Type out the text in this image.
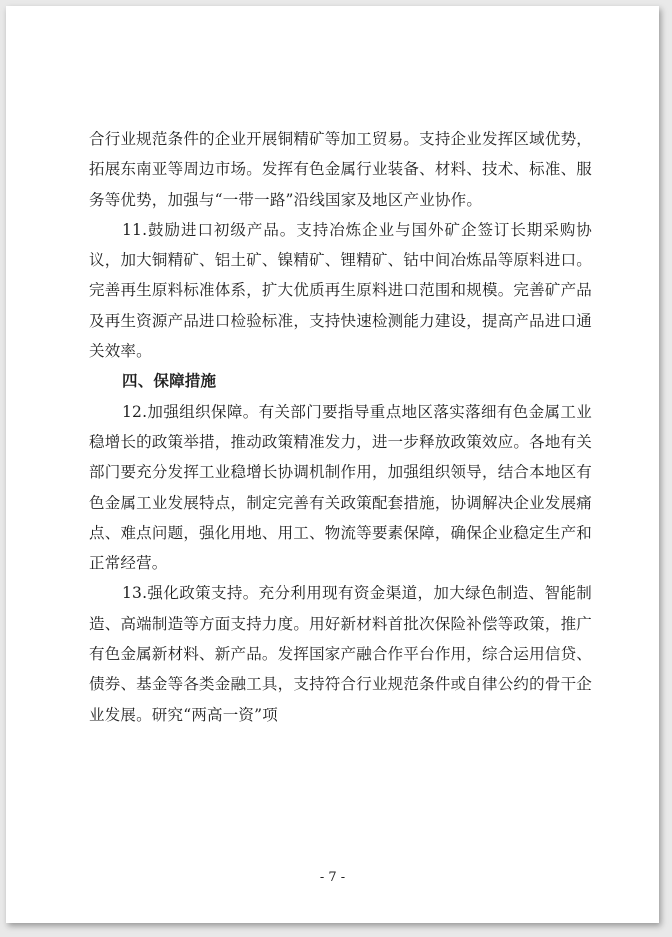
合行业规范条件的企业开展铜精矿等加工贸易。支持企业发挥区域优势，拓展东南亚等周边市场。发挥有色金属行业装备、材料、技术、标准、服务等优势，加强与“一带一路”沿线国家及地区产业协作。

11.鼓励进口初级产品。支持冶炼企业与国外矿企签订长期采购协议，加大铜精矿、铝土矿、镍精矿、锂精矿、钴中间冶炼品等原料进口。完善再生原料标准体系，扩大优质再生原料进口范围和规模。完善矿产品及再生资源产品进口检验标准，支持快速检测能力建设，提高产品进口通关效率。

四、保障措施

12.加强组织保障。有关部门要指导重点地区落实落细有色金属工业稳增长的政策举措，推动政策精准发力，进一步释放政策效应。各地有关部门要充分发挥工业稳增长协调机制作用，加强组织领导，结合本地区有色金属工业发展特点，制定完善有关政策配套措施，协调解决企业发展痛点、难点问题，强化用地、用工、物流等要素保障，确保企业稳定生产和正常经营。

13.强化政策支持。充分利用现有资金渠道，加大绿色制造、智能制造、高端制造等方面支持力度。用好新材料首批次保险补偿等政策，推广有色金属新材料、新产品。发挥国家产融合作平台作用，综合运用信贷、债券、基金等各类金融工具，支持符合行业规范条件或自律公约的骨干企业发展。研究“两高一资”项

- 7 -
